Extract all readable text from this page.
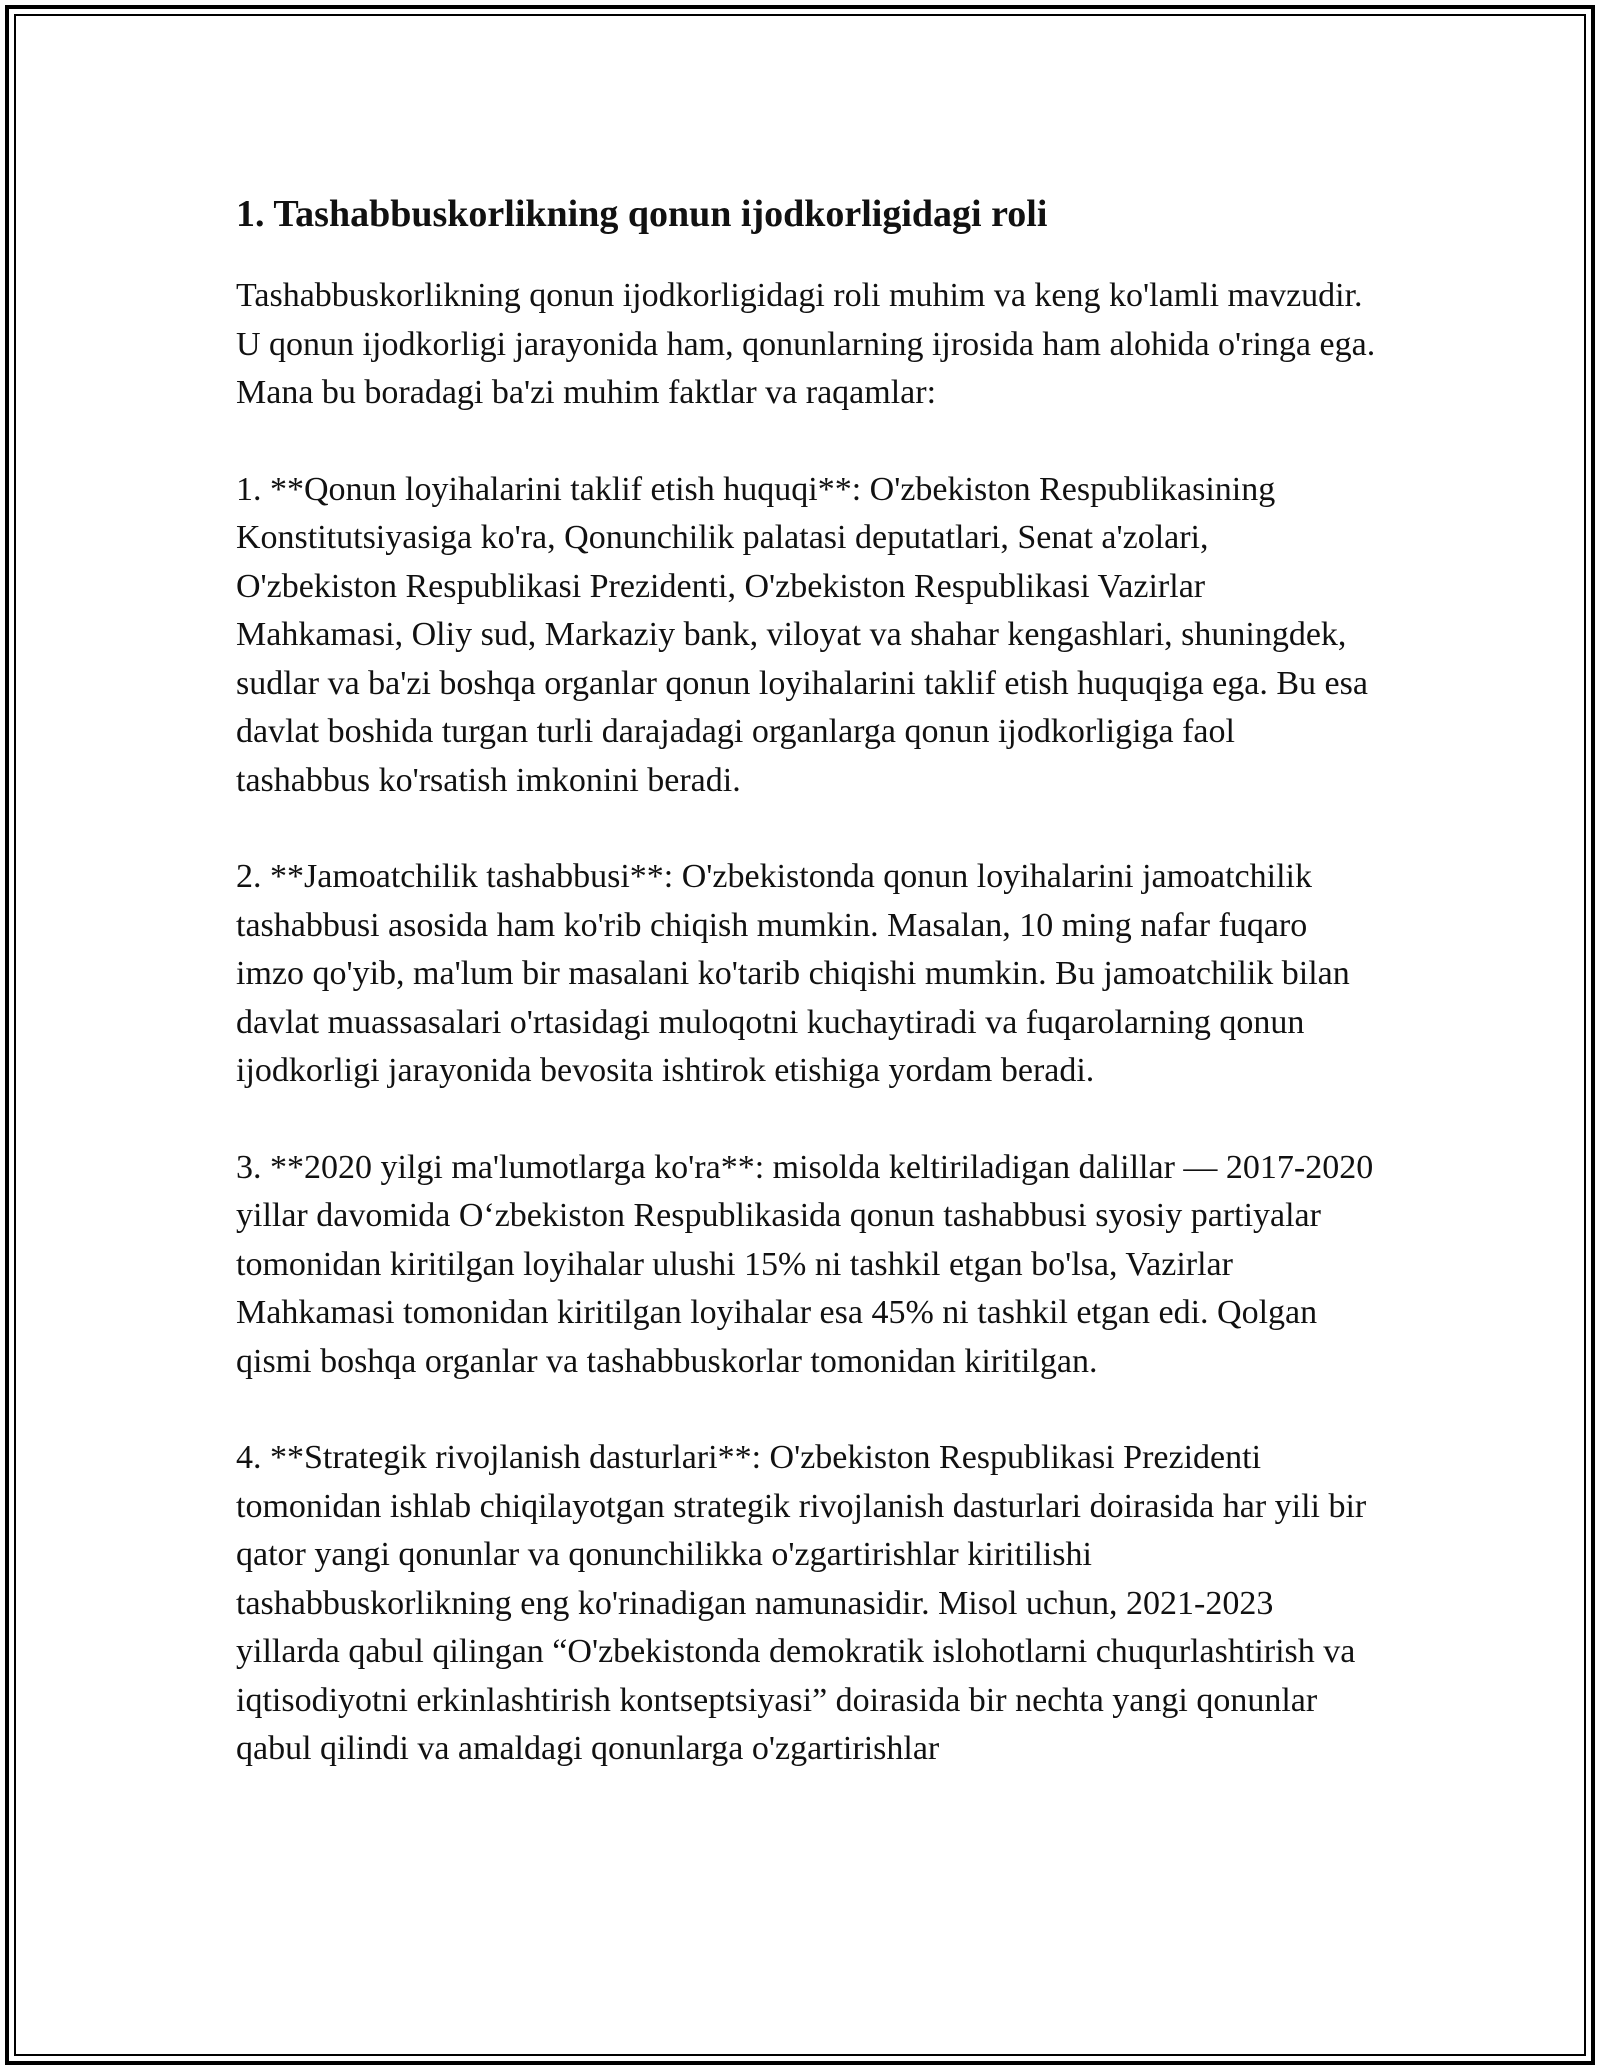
1. Tashabbuskorlikning qonun ijodkorligidagi roli

Tashabbuskorlikning qonun ijodkorligidagi roli muhim va keng ko'lamli mavzudir. U qonun ijodkorligi jarayonida ham, qonunlarning ijrosida ham alohida o'ringa ega. Mana bu boradagi ba'zi muhim faktlar va raqamlar:

1. **Qonun loyihalarini taklif etish huquqi**: O'zbekiston Respublikasining Konstitutsiyasiga ko'ra, Qonunchilik palatasi deputatlari, Senat a'zolari, O'zbekiston Respublikasi Prezidenti, O'zbekiston Respublikasi Vazirlar Mahkamasi, Oliy sud, Markaziy bank, viloyat va shahar kengashlari, shuningdek, sudlar va ba'zi boshqa organlar qonun loyihalarini taklif etish huquqiga ega. Bu esa davlat boshida turgan turli darajadagi organlarga qonun ijodkorligiga faol tashabbus ko'rsatish imkonini beradi.

2. **Jamoatchilik tashabbusi**: O'zbekistonda qonun loyihalarini jamoatchilik tashabbusi asosida ham ko'rib chiqish mumkin. Masalan, 10 ming nafar fuqaro imzo qo'yib, ma'lum bir masalani ko'tarib chiqishi mumkin. Bu jamoatchilik bilan davlat muassasalari o'rtasidagi muloqotni kuchaytiradi va fuqarolarning qonun ijodkorligi jarayonida bevosita ishtirok etishiga yordam beradi.

3. **2020 yilgi ma'lumotlarga ko'ra**: misolda keltiriladigan dalillar — 2017-2020 yillar davomida O‘zbekiston Respublikasida qonun tashabbusi syosiy partiyalar tomonidan kiritilgan loyihalar ulushi 15% ni tashkil etgan bo'lsa, Vazirlar Mahkamasi tomonidan kiritilgan loyihalar esa 45% ni tashkil etgan edi. Qolgan qismi boshqa organlar va tashabbuskorlar tomonidan kiritilgan.

4. **Strategik rivojlanish dasturlari**: O'zbekiston Respublikasi Prezidenti tomonidan ishlab chiqilayotgan strategik rivojlanish dasturlari doirasida har yili bir qator yangi qonunlar va qonunchilikka o'zgartirishlar kiritilishi tashabbuskorlikning eng ko'rinadigan namunasidir. Misol uchun, 2021-2023 yillarda qabul qilingan “O'zbekistonda demokratik islohotlarni chuqurlashtirish va iqtisodiyotni erkinlashtirish kontseptsiyasi” doirasida bir nechta yangi qonunlar qabul qilindi va amaldagi qonunlarga o'zgartirishlar
